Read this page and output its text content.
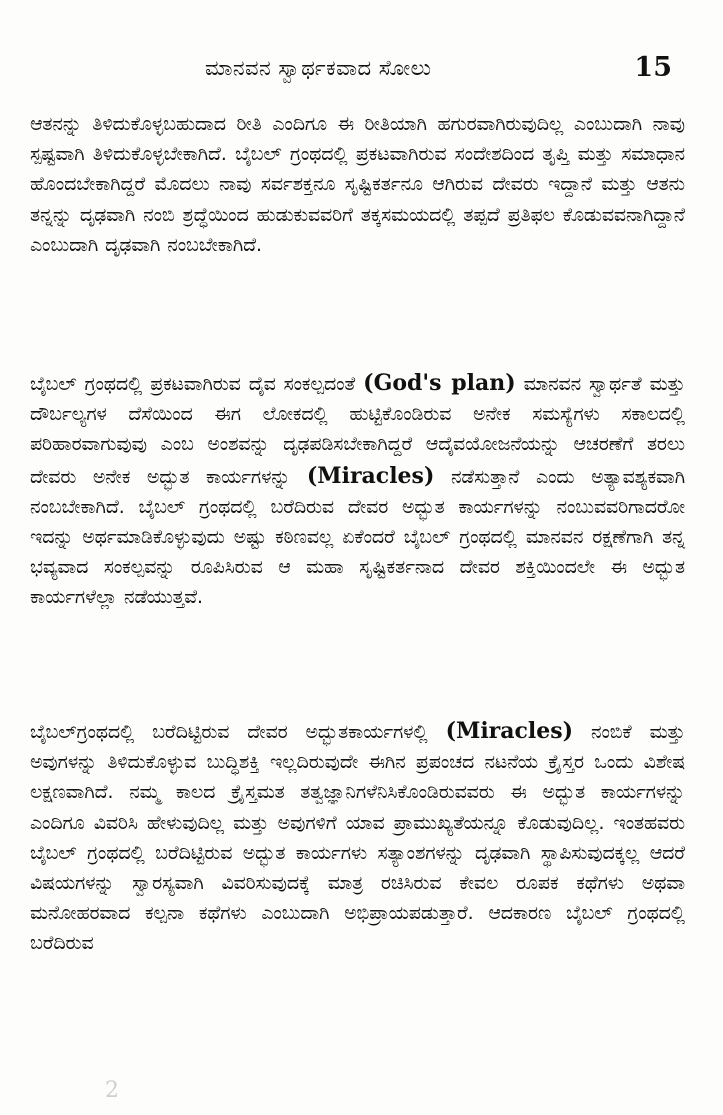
ಮಾನವನ ಸ್ವಾರ್ಥಕವಾದ ಸೋಲು	15

ಆತನನ್ನು ತಿಳಿದುಕೊಳ್ಳಬಹುದಾದ ರೀತಿ ಎಂದಿಗೂ ಈ ರೀತಿಯಾಗಿ ಹಗುರವಾಗಿರುವುದಿಲ್ಲ ಎಂಬುದಾಗಿ ನಾವು ಸ್ಪಷ್ಟವಾಗಿ ತಿಳಿದುಕೊಳ್ಳಬೇಕಾಗಿದೆ. ಬೈಬಲ್ ಗ್ರಂಥದಲ್ಲಿ ಪ್ರಕಟವಾಗಿರುವ ಸಂದೇಶದಿಂದ ತೃಪ್ತಿ ಮತ್ತು ಸಮಾಧಾನ ಹೊಂದಬೇಕಾಗಿದ್ದರೆ ಮೊದಲು ನಾವು ಸರ್ವಶಕ್ತನೂ ಸೃಷ್ಟಿಕರ್ತನೂ ಆಗಿರುವ ದೇವರು ಇದ್ದಾನೆ ಮತ್ತು ಆತನು ತನ್ನನ್ನು ದೃಢವಾಗಿ ನಂಬಿ ಶ್ರದ್ಧೆಯಿಂದ ಹುಡುಕುವವರಿಗೆ ತಕ್ಕಸಮಯದಲ್ಲಿ ತಪ್ಪದೆ ಪ್ರತಿಫಲ ಕೊಡುವವನಾಗಿದ್ದಾನೆ ಎಂಬುದಾಗಿ ದೃಢವಾಗಿ ನಂಬಬೇಕಾಗಿದೆ.

ಬೈಬಲ್ ಗ್ರಂಥದಲ್ಲಿ ಪ್ರಕಟವಾಗಿರುವ ದೈವ ಸಂಕಲ್ಪದಂತೆ (God's plan) ಮಾನವನ ಸ್ವಾರ್ಥತೆ ಮತ್ತು ದೌರ್ಬಲ್ಯಗಳ ದೆಸೆಯಿಂದ ಈಗ ಲೋಕದಲ್ಲಿ ಹುಟ್ಟಿಕೊಂಡಿರುವ ಅನೇಕ ಸಮಸ್ಯೆಗಳು ಸಕಾಲದಲ್ಲಿ ಪರಿಹಾರವಾಗುವುವು ಎಂಬ ಅಂಶವನ್ನು ದೃಢಪಡಿಸಬೇಕಾಗಿದ್ದರೆ ಆದೈವಯೋಜನೆಯನ್ನು ಆಚರಣೆಗೆ ತರಲು ದೇವರು ಅನೇಕ ಅದ್ಭುತ ಕಾರ್ಯಗಳನ್ನು (Miracles) ನಡೆಸುತ್ತಾನೆ ಎಂದು ಅತ್ಯಾವಶ್ಯಕವಾಗಿ ನಂಬಬೇಕಾಗಿದೆ. ಬೈಬಲ್ ಗ್ರಂಥದಲ್ಲಿ ಬರೆದಿರುವ ದೇವರ ಅದ್ಭುತ ಕಾರ್ಯಗಳನ್ನು ನಂಬುವವರಿಗಾದರೋ ಇದನ್ನು ಅರ್ಥಮಾಡಿಕೊಳ್ಳುವುದು ಅಷ್ಟು ಕಠಿಣವಲ್ಲ ಏಕೆಂದರೆ ಬೈಬಲ್ ಗ್ರಂಥದಲ್ಲಿ ಮಾನವನ ರಕ್ಷಣೆಗಾಗಿ ತನ್ನ ಭವ್ಯವಾದ ಸಂಕಲ್ಪವನ್ನು ರೂಪಿಸಿರುವ ಆ ಮಹಾ ಸೃಷ್ಟಿಕರ್ತನಾದ ದೇವರ ಶಕ್ತಿಯಿಂದಲೇ ಈ ಅದ್ಭುತ ಕಾರ್ಯಗಳೆಲ್ಲಾ ನಡೆಯುತ್ತವೆ.

ಬೈಬಲ್‌ಗ್ರಂಥದಲ್ಲಿ ಬರೆದಿಟ್ಟಿರುವ ದೇವರ ಅದ್ಭುತಕಾರ್ಯಗಳಲ್ಲಿ (Miracles) ನಂಬಿಕೆ ಮತ್ತು ಅವುಗಳನ್ನು ತಿಳಿದುಕೊಳ್ಳುವ ಬುದ್ಧಿಶಕ್ತಿ ಇಲ್ಲದಿರುವುದೇ ಈಗಿನ ಪ್ರಪಂಚದ ನಟನೆಯ ಕ್ರೈಸ್ತರ ಒಂದು ವಿಶೇಷ ಲಕ್ಷಣವಾಗಿದೆ. ನಮ್ಮ ಕಾಲದ ಕ್ರೈಸ್ತಮತ ತತ್ವಜ್ಞಾನಿಗಳೆನಿಸಿಕೊಂಡಿರುವವರು ಈ ಅದ್ಭುತ ಕಾರ್ಯಗಳನ್ನು ಎಂದಿಗೂ ವಿವರಿಸಿ ಹೇಳುವುದಿಲ್ಲ ಮತ್ತು ಅವುಗಳಿಗೆ ಯಾವ ಪ್ರಾಮುಖ್ಯತೆಯನ್ನೂ ಕೊಡುವುದಿಲ್ಲ. ಇಂತಹವರು ಬೈಬಲ್ ಗ್ರಂಥದಲ್ಲಿ ಬರೆದಿಟ್ಟಿರುವ ಅದ್ಭುತ ಕಾರ್ಯಗಳು ಸತ್ಯಾಂಶಗಳನ್ನು ದೃಢವಾಗಿ ಸ್ಥಾಪಿಸುವುದಕ್ಕಲ್ಲ ಆದರೆ ವಿಷಯಗಳನ್ನು ಸ್ವಾರಸ್ಯವಾಗಿ ವಿವರಿಸುವುದಕ್ಕೆ ಮಾತ್ರ ರಚಿಸಿರುವ ಕೇವಲ ರೂಪಕ ಕಥೆಗಳು ಅಥವಾ ಮನೋಹರವಾದ ಕಲ್ಪನಾ ಕಥೆಗಳು ಎಂಬುದಾಗಿ ಅಭಿಪ್ರಾಯಪಡುತ್ತಾರೆ. ಆದಕಾರಣ ಬೈಬಲ್ ಗ್ರಂಥದಲ್ಲಿ ಬರೆದಿರುವ

2
